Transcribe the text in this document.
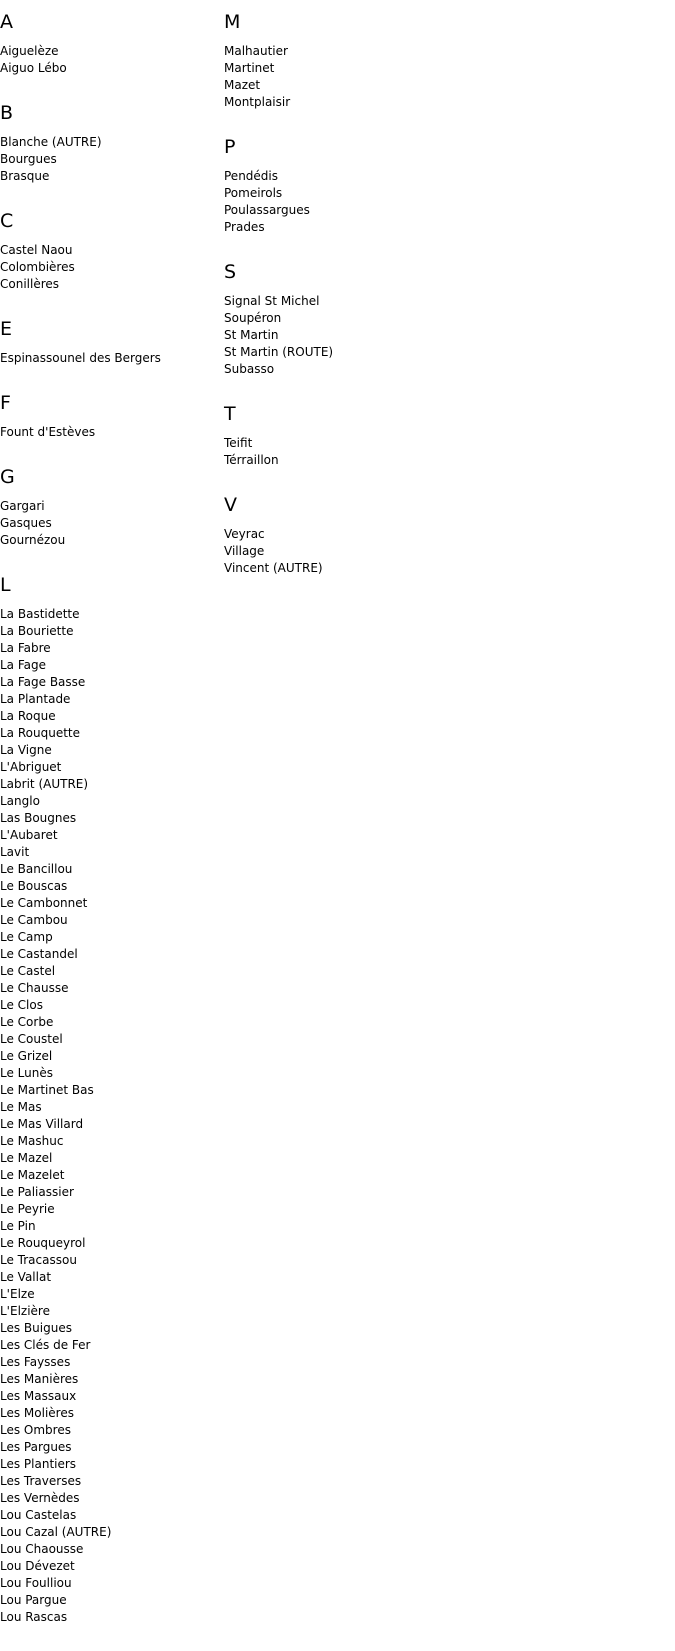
A
Aiguelèze
Aiguo Lébo
B
Blanche (AUTRE)
Bourgues
Brasque
C
Castel Naou
Colombières
Conillères
E
Espinassounel des Bergers
F
Fount d'Estèves
G
Gargari
Gasques
Gournézou
L
La Bastidette
La Bouriette
La Fabre
La Fage
La Fage Basse
La Plantade
La Roque
La Rouquette
La Vigne
L'Abriguet
Labrit (AUTRE)
Langlo
Las Bougnes
L'Aubaret
Lavit
Le Bancillou
Le Bouscas
Le Cambonnet
Le Cambou
Le Camp
Le Castandel
Le Castel
Le Chausse
Le Clos
Le Corbe
Le Coustel
Le Grizel
Le Lunès
Le Martinet Bas
Le Mas
Le Mas Villard
Le Mashuc
Le Mazel
Le Mazelet
Le Paliassier
Le Peyrie
Le Pin
Le Rouqueyrol
Le Tracassou
Le Vallat
L'Elze
L'Elzière
Les Buigues
Les Clés de Fer
Les Faysses
Les Manières
Les Massaux
Les Molières
Les Ombres
Les Pargues
Les Plantiers
Les Traverses
Les Vernèdes
Lou Castelas
Lou Cazal (AUTRE)
Lou Chaousse
Lou Dévezet
Lou Foulliou
Lou Pargue
Lou Rascas
M
Malhautier
Martinet
Mazet
Montplaisir
P
Pendédis
Pomeirols
Poulassargues
Prades
S
Signal St Michel
Soupéron
St Martin
St Martin (ROUTE)
Subasso
T
Teifit
Térraillon
V
Veyrac
Village
Vincent (AUTRE)
